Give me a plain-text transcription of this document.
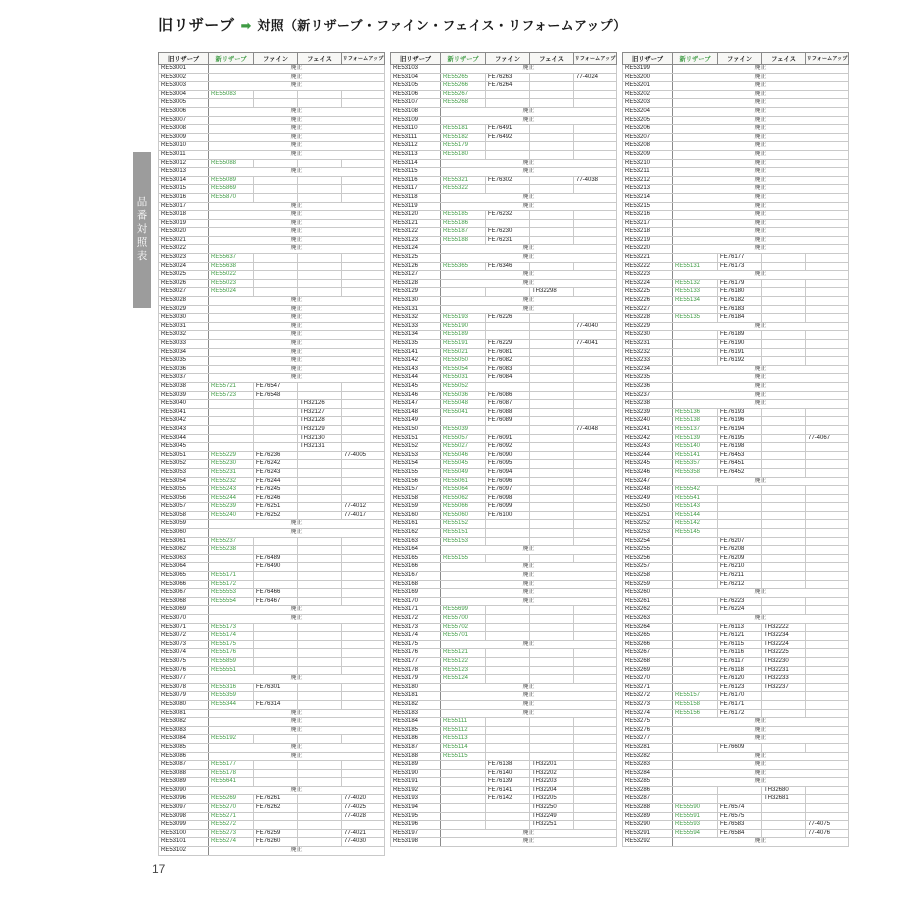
旧リザーブ ➡ 対照（新リザーブ・ファイン・フェイス・リフォームアップ）
品番対照表
旧リザーブ	新リザーブ	ファイン	フェイス	リフォームアップ
RE53001	廃止			
RE53002	廃止			
RE53003	廃止			
RE53004	RE55083			
RE53005				
RE53006	廃止			
RE53007	廃止			
RE53008	廃止			
RE53009	廃止			
RE53010	廃止			
RE53011	廃止			
RE53012	RE55088			
RE53013	廃止			
RE53014	RE55089			
RE53015	RE55869			
RE53016	RE55870			
RE53017	廃止			
RE53018	廃止			
RE53019	廃止			
RE53020	廃止			
RE53021	廃止			
RE53022	廃止			
RE53023	RE55637			
RE53024	RE55638			
RE53025	RE55022			
RE53026	RE55023			
RE53027	RE55024			
RE53028	廃止			
RE53029	廃止			
RE53030	廃止			
RE53031	廃止			
RE53032	廃止			
RE53033	廃止			
RE53034	廃止			
RE53035	廃止			
RE53036	廃止			
RE53037	廃止			
RE53038	RE55721	FE76547		
RE53039	RE55723	FE76548		
RE53040			TH32126	
RE53041			TH32127	
RE53042			TH32128	
RE53043			TH32129	
RE53044			TH32130	
RE53045			TH32131	
RE53051	RE55229	FE76236		77-4005
RE53052	RE55230	FE76242		
RE53053	RE55231	FE76243		
RE53054	RE55232	FE76244		
RE53055	RE55243	FE76245		
RE53056	RE55244	FE76246		
RE53057	RE55239	FE76251		77-4012
RE53058	RE55240	FE76252		77-4017
RE53059	廃止			
RE53060	廃止			
RE53061	RE55237			
RE53062	RE55238			
RE53063		FE76489		
RE53064		FE76490		
RE53065	RE55171			
RE53066	RE55172			
RE53067	RE55553	FE76466		
RE53068	RE55554	FE76467		
RE53069	廃止			
RE53070	廃止			
RE53071	RE55173			
RE53072	RE55174			
RE53073	RE55175			
RE53074	RE55176			
RE53075	RE55859			
RE53076	RE55551			
RE53077	廃止			
RE53078	RE55316	FE76301		
RE53079	RE55359			
RE53080	RE55344	FE76314		
RE53081	廃止			
RE53082	廃止			
RE53083	廃止			
RE53084	RE55192			
RE53085	廃止			
RE53086	廃止			
RE53087	RE55177			
RE53088	RE55178			
RE53089	RE55641			
RE53090	廃止			
RE53096	RE55269	FE76261		77-4020
RE53097	RE55270	FE76262		77-4025
RE53098	RE55271			77-4028
RE53099	RE55272			
RE53100	RE55273	FE76259		77-4021
RE53101	RE55274	FE76260		77-4030
RE53102	廃止			
旧リザーブ	新リザーブ	ファイン	フェイス	リフォームアップ
RE53103	廃止			
RE53104	RE55265	FE76263		77-4024
RE53105	RE55266	FE76264		
RE53106	RE55267			
RE53107	RE55268			
RE53108	廃止			
RE53109	廃止			
RE53110	RE55181	FE76491		
RE53111	RE55182	FE76492		
RE53112	RE55179			
RE53113	RE55180			
RE53114	廃止			
RE53115	廃止			
RE53116	RE55321	FE76302		77-4038
RE53117	RE55322			
RE53118	廃止			
RE53119	廃止			
RE53120	RE55185	FE76232		
RE53121	RE55186			
RE53122	RE55187	FE76230		
RE53123	RE55188	FE76231		
RE53124	廃止			
RE53125	廃止			
RE53126	RE55365	FE76346		
RE53127	廃止			
RE53128	廃止			
RE53129			TH32298	
RE53130	廃止			
RE53131	廃止			
RE53132	RE55193	FE76226		
RE53133	RE55190			77-4040
RE53134	RE55189			
RE53135	RE55191	FE76229		77-4041
RE53141	RE55021	FE76081		
RE53142	RE55050	FE76082		
RE53143	RE55054	FE76083		
RE53144	RE55031	FE76084		
RE53145	RE55052			
RE53146	RE55036	FE76086		
RE53147	RE55048	FE76087		
RE53148	RE55041	FE76088		
RE53149		FE76089		
RE53150	RE55039			77-4048
RE53151	RE55057	FE76091		
RE53152	RE55027	FE76092		
RE53153	RE55046	FE76090		
RE53154	RE55045	FE76095		
RE53155	RE55049	FE76094		
RE53156	RE55061	FE76096		
RE53157	RE55064	FE76097		
RE53158	RE55062	FE76098		
RE53159	RE55066	FE76099		
RE53160	RE55060	FE76100		
RE53161	RE55152			
RE53162	RE55151			
RE53163	RE55153			
RE53164	廃止			
RE53165	RE55155			
RE53166	廃止			
RE53167	廃止			
RE53168	廃止			
RE53169	廃止			
RE53170	廃止			
RE53171	RE55699			
RE53172	RE55700			
RE53173	RE55702			
RE53174	RE55701			
RE53175	廃止			
RE53176	RE55121			
RE53177	RE55122			
RE53178	RE55123			
RE53179	RE55124			
RE53180	廃止			
RE53181	廃止			
RE53182	廃止			
RE53183	廃止			
RE53184	RE55111			
RE53185	RE55112			
RE53186	RE55113			
RE53187	RE55114			
RE53188	RE55115			
RE53189		FE76138	TH32201	
RE53190		FE76140	TH32202	
RE53191		FE76139	TH32203	
RE53192		FE76141	TH32204	
RE53193		FE76142	TH32205	
RE53194			TH32250	
RE53195			TH32249	
RE53196			TH32251	
RE53197	廃止			
RE53198	廃止			
旧リザーブ	新リザーブ	ファイン	フェイス	リフォームアップ
RE53199	廃止			
RE53200	廃止			
RE53201	廃止			
RE53202	廃止			
RE53203	廃止			
RE53204	廃止			
RE53205	廃止			
RE53206	廃止			
RE53207	廃止			
RE53208	廃止			
RE53209	廃止			
RE53210	廃止			
RE53211	廃止			
RE53212	廃止			
RE53213	廃止			
RE53214	廃止			
RE53215	廃止			
RE53216	廃止			
RE53217	廃止			
RE53218	廃止			
RE53219	廃止			
RE53220	廃止			
RE53221		FE76177		
RE53222	RE55131	FE76173		
RE53223	廃止			
RE53224	RE55132	FE76179		
RE53225	RE55133	FE76180		
RE53226	RE55134	FE76182		
RE53227		FE76183		
RE53228	RE55135	FE76184		
RE53229	廃止			
RE53230		FE76189		
RE53231		FE76190		
RE53232		FE76191		
RE53233		FE76192		
RE53234	廃止			
RE53235	廃止			
RE53236	廃止			
RE53237	廃止			
RE53238	廃止			
RE53239	RE55136	FE76193		
RE53240	RE55138	FE76196		
RE53241	RE55137	FE76194		
RE53242	RE55139	FE76195		77-4067
RE53243	RE55140	FE76198		
RE53244	RE55141	FE76453		
RE53245	RE55357	FE76451		
RE53246	RE55358	FE76452		
RE53247	廃止			
RE53248	RE55542			
RE53249	RE55541			
RE53250	RE55143			
RE53251	RE55144			
RE53252	RE55142			
RE53253	RE55145			
RE53254		FE76207		
RE53255		FE76208		
RE53256		FE76209		
RE53257		FE76210		
RE53258		FE76211		
RE53259		FE76212		
RE53260	廃止			
RE53261		FE76223		
RE53262		FE76224		
RE53263	廃止			
RE53264		FE76113	TH32222	
RE53265		FE76121	TH32234	
RE53266		FE76115	TH32224	
RE53267		FE76116	TH32225	
RE53268		FE76117	TH32230	
RE53269		FE76118	TH32231	
RE53270		FE76120	TH32233	
RE53271		FE76123	TH32237	
RE53272	RE55157	FE76170		
RE53273	RE55158	FE76171		
RE53274	RE55156	FE76172		
RE53275	廃止			
RE53276	廃止			
RE53277	廃止			
RE53281		FE76609		
RE53282	廃止			
RE53283	廃止			
RE53284	廃止			
RE53285	廃止			
RE53286			TH32680	
RE53287			TH32681	
RE53288	RE55590	FE76574		
RE53289	RE55591	FE76575		
RE53290	RE55593	FE76583		77-4075
RE53291	RE55594	FE76584		77-4076
RE53292	廃止			
17
